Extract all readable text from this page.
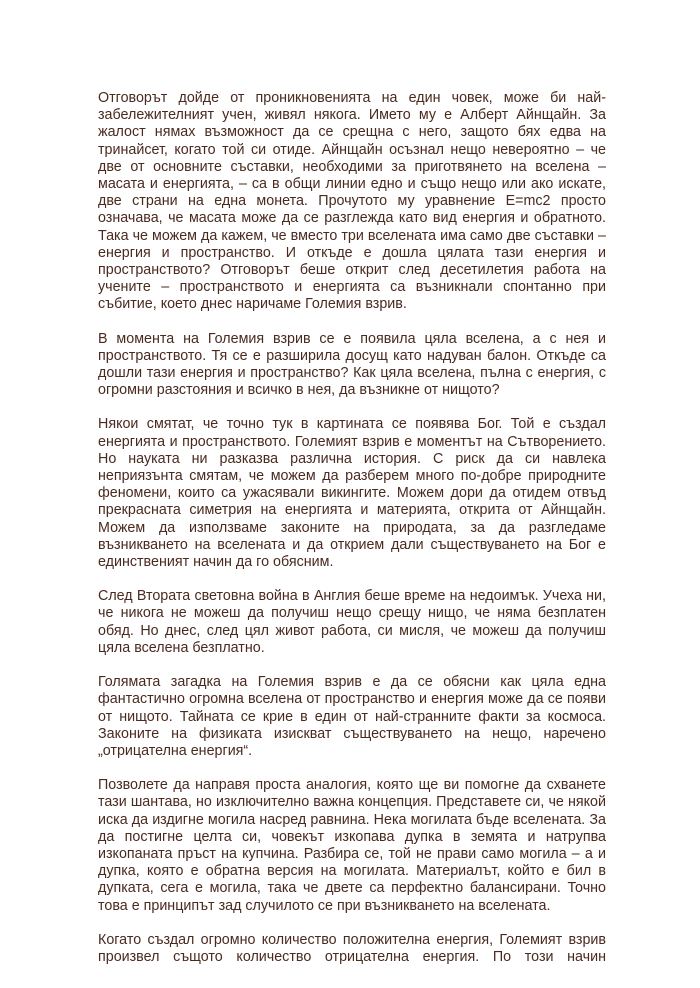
Отговорът дойде от проникновенията на един човек, може би най-забележителният учен, живял някога. Името му е Алберт Айнщайн. За жалост нямах възможност да се срещна с него, защото бях едва на тринайсет, когато той си отиде. Айнщайн осъзнал нещо невероятно – че две от основните съставки, необходими за приготвянето на вселена – масата и енергията, – са в общи линии едно и също нещо или ако искате, две страни на една монета. Прочутото му уравнение E=mc2 просто означава, че масата може да се разглежда като вид енергия и обратното. Така че можем да кажем, че вместо три вселената има само две съставки – енергия и пространство. И откъде е дошла цялата тази енергия и пространството? Отговорът беше открит след десетилетия работа на учените – пространството и енергията са възникнали спонтанно при събитие, което днес наричаме Големия взрив.

В момента на Големия взрив се е появила цяла вселена, а с нея и пространството. Тя се е разширила досущ като надуван балон. Откъде са дошли тази енергия и пространство? Как цяла вселена, пълна с енергия, с огромни разстояния и всичко в нея, да възникне от нищото?

Някои смятат, че точно тук в картината се появява Бог. Той е създал енергията и пространството. Големият взрив е моментът на Сътворението. Но науката ни разказва различна история. С риск да си навлека неприязънта смятам, че можем да разберем много по-добре природните феномени, които са ужасявали викингите. Можем дори да отидем отвъд прекрасната симетрия на енергията и материята, открита от Айнщайн. Можем да използваме законите на природата, за да разгледаме възникването на вселената и да открием дали съществуването на Бог е единственият начин да го обясним.

След Втората световна война в Англия беше време на недоимък. Учеха ни, че никога не можеш да получиш нещо срещу нищо, че няма безплатен обяд. Но днес, след цял живот работа, си мисля, че можеш да получиш цяла вселена безплатно.

Голямата загадка на Големия взрив е да се обясни как цяла една фантастично огромна вселена от пространство и енергия може да се появи от нищото. Тайната се крие в един от най-странните факти за космоса. Законите на физиката изискват съществуването на нещо, наречено „отрицателна енергия“.

Позволете да направя проста аналогия, която ще ви помогне да схванете тази шантава, но изключително важна концепция. Представете си, че някой иска да издигне могила насред равнина. Нека могилата бъде вселената. За да постигне целта си, човекът изкопава дупка в земята и натрупва изкопаната пръст на купчина. Разбира се, той не прави само могила – а и дупка, която е обратна версия на могилата. Материалът, който е бил в дупката, сега е могила, така че двете са перфектно балансирани. Точно това е принципът зад случилото се при възникването на вселената.

Когато създал огромно количество положителна енергия, Големият взрив произвел същото количество отрицателна енергия. По този начин
